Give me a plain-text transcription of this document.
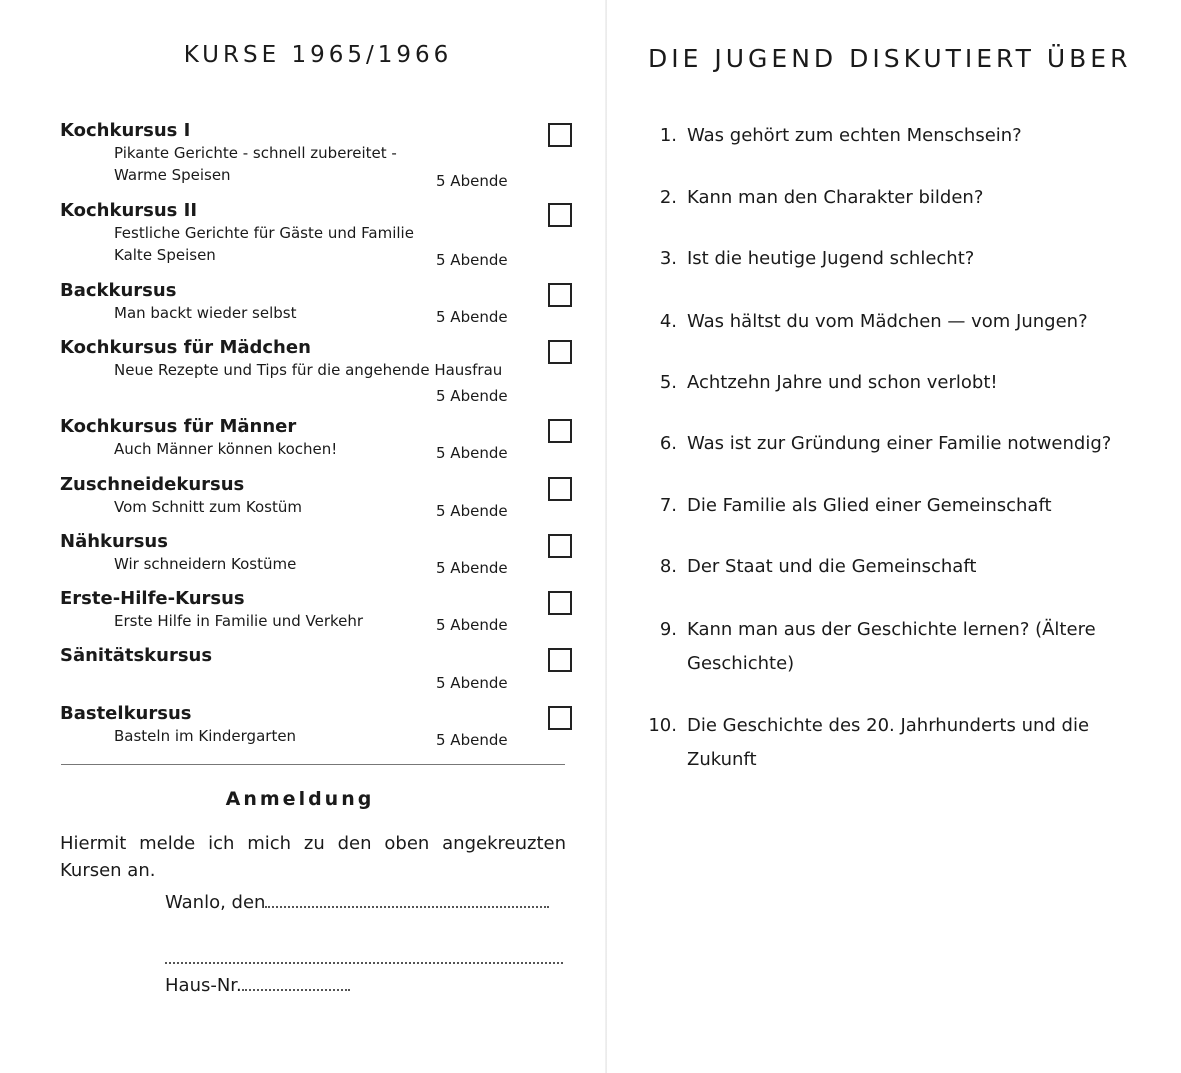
KURSE 1965/1966
Kochkursus I
Pikante Gerichte - schnell zubereitet -
Warme Speisen	5 Abende
Kochkursus II
Festliche Gerichte für Gäste und Familie
Kalte Speisen	5 Abende
Backkursus
Man backt wieder selbst	5 Abende
Kochkursus für Mädchen
Neue Rezepte und Tips für die angehende Hausfrau
5 Abende
Kochkursus für Männer
Auch Männer können kochen!	5 Abende
Zuschneidekursus
Vom Schnitt zum Kostüm	5 Abende
Nähkursus
Wir schneidern Kostüme	5 Abende
Erste-Hilfe-Kursus
Erste Hilfe in Familie und Verkehr	5 Abende
Sänitätskursus
5 Abende
Bastelkursus
Basteln im Kindergarten	5 Abende
Anmeldung
Hiermit melde ich mich zu den oben angekreuzten Kursen an.
Wanlo, den
Haus-Nr.
DIE JUGEND DISKUTIERT ÜBER
1. Was gehört zum echten Menschsein?
2. Kann man den Charakter bilden?
3. Ist die heutige Jugend schlecht?
4. Was hältst du vom Mädchen — vom Jungen?
5. Achtzehn Jahre und schon verlobt!
6. Was ist zur Gründung einer Familie notwendig?
7. Die Familie als Glied einer Gemeinschaft
8. Der Staat und die Gemeinschaft
9. Kann man aus der Geschichte lernen? (Ältere Geschichte)
10. Die Geschichte des 20. Jahrhunderts und die Zukunft
